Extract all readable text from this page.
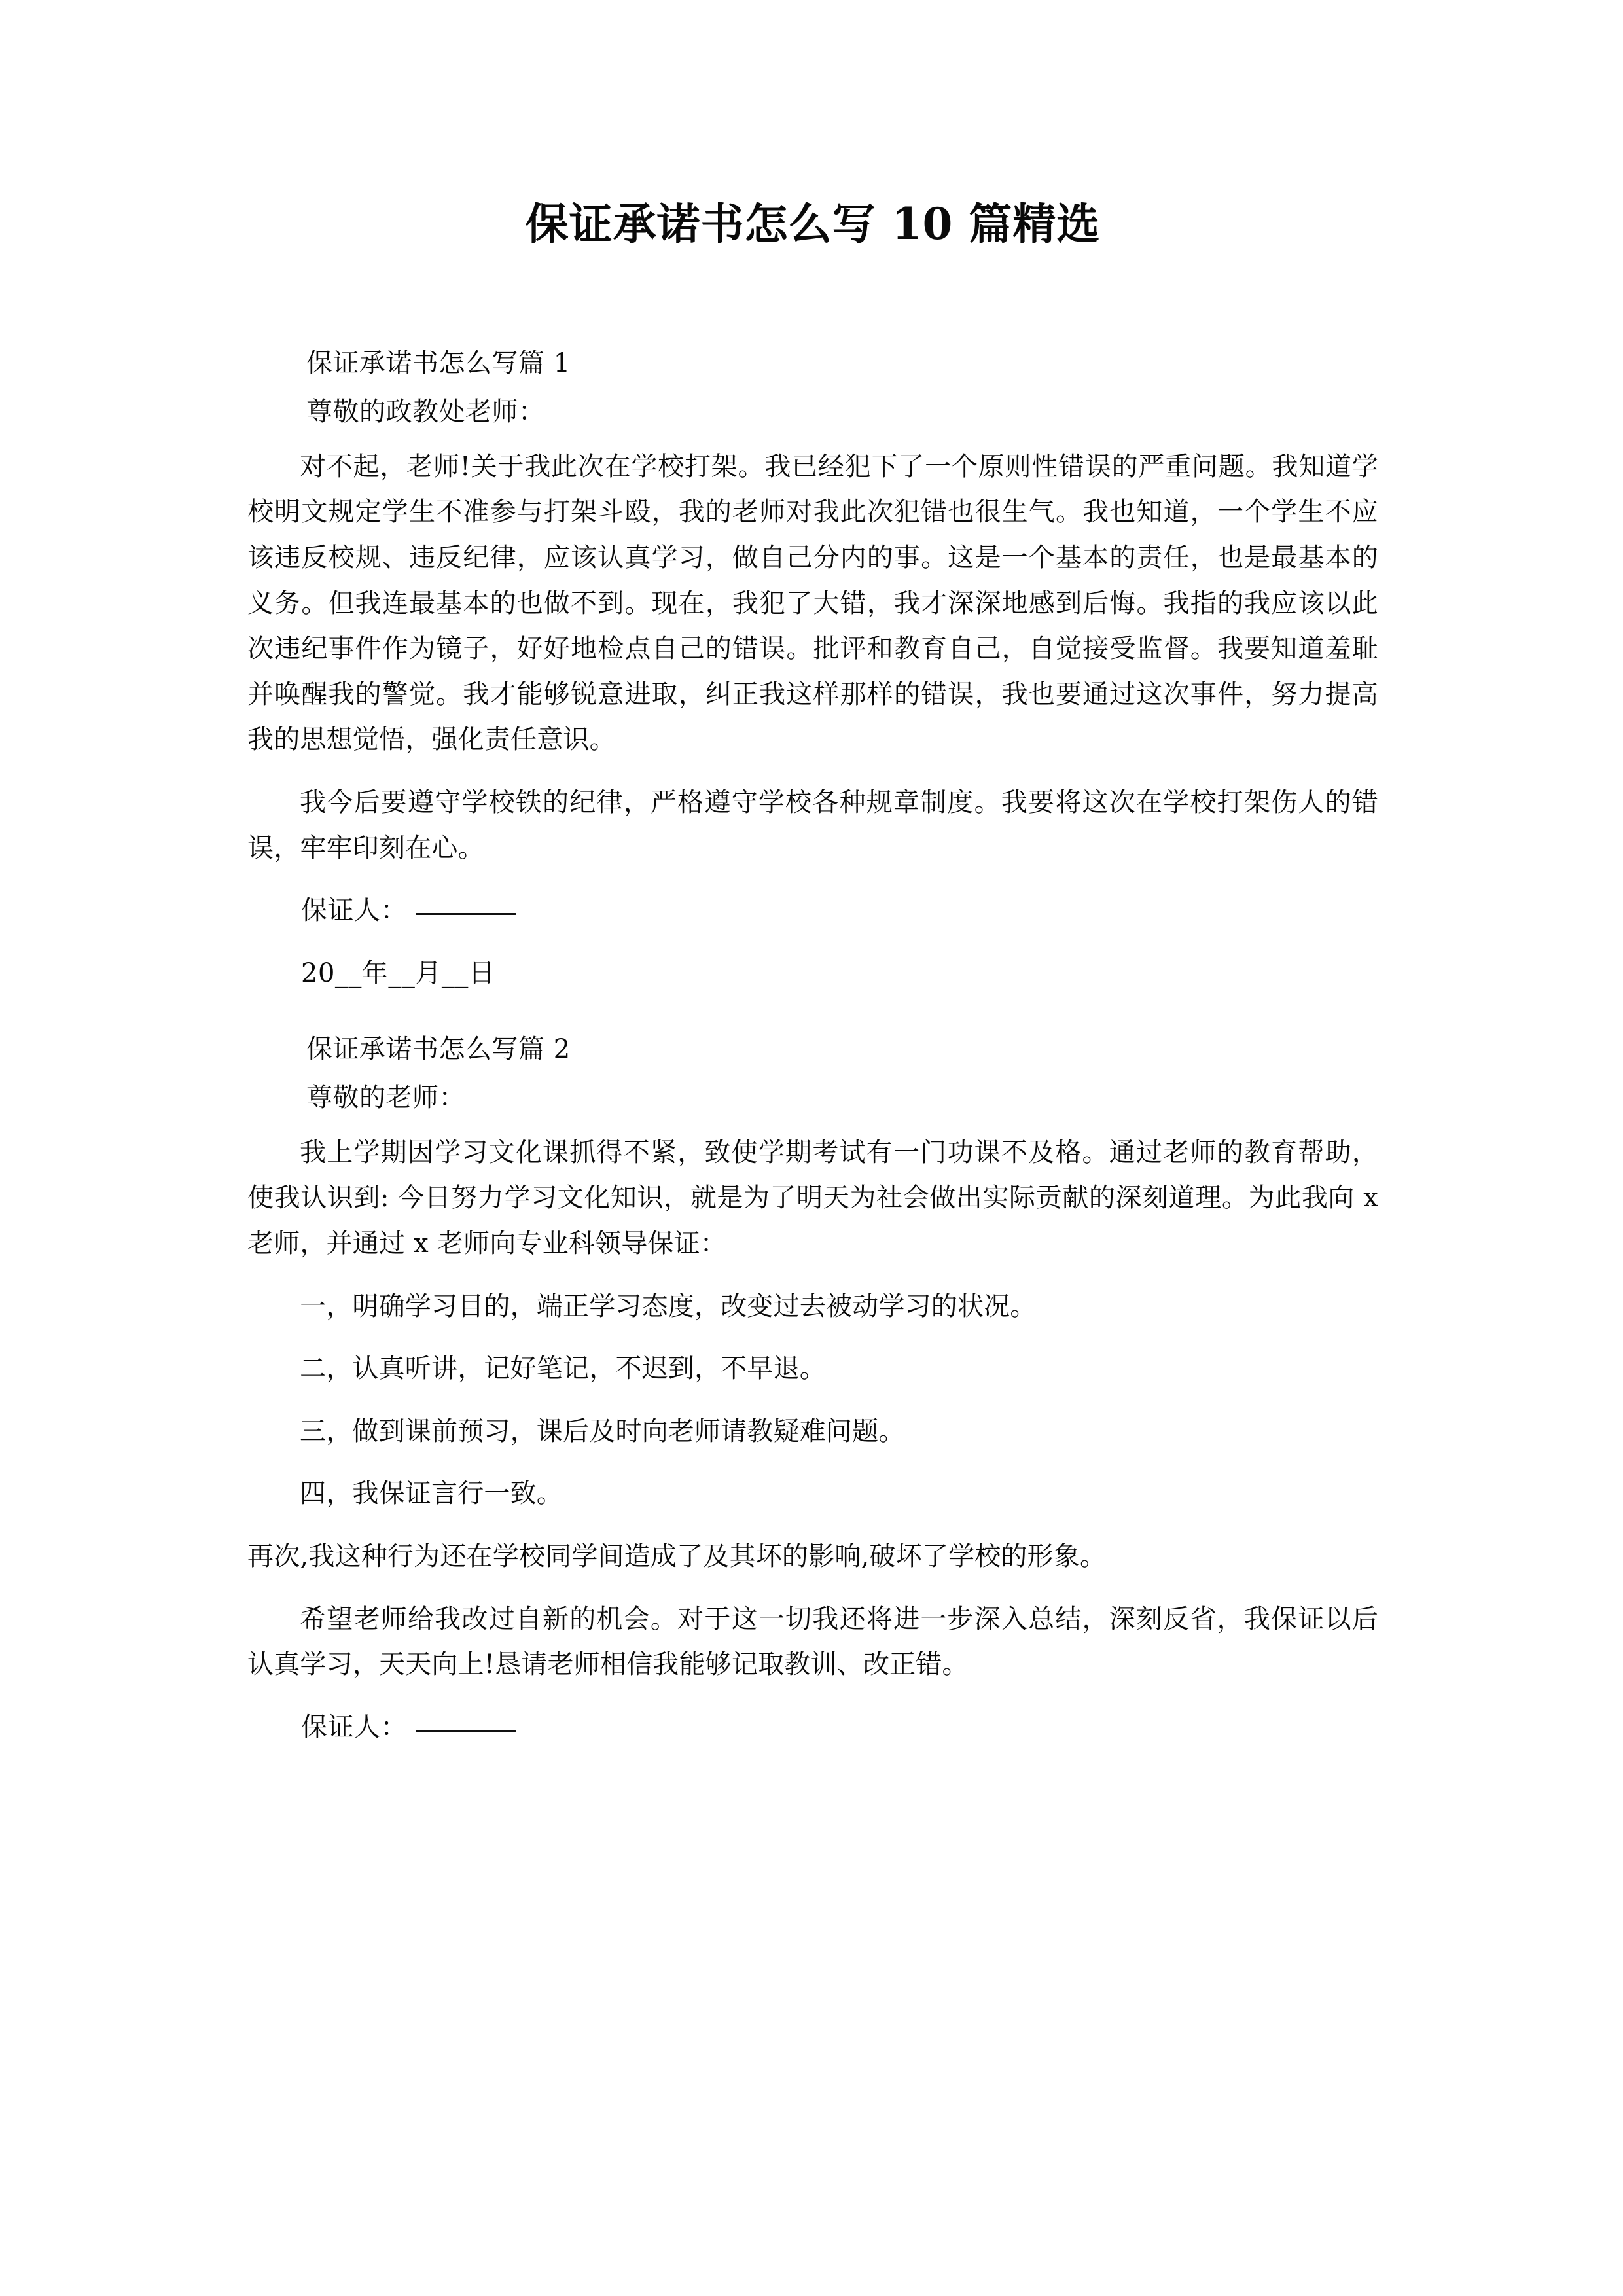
保证承诺书怎么写 10 篇精选
保证承诺书怎么写篇 1
尊敬的政教处老师：

对不起，老师!关于我此次在学校打架。我已经犯下了一个原则性错误的严重问题。我知道学校明文规定学生不准参与打架斗殴，我的老师对我此次犯错也很生气。我也知道，一个学生不应该违反校规、违反纪律，应该认真学习，做自己分内的事。这是一个基本的责任，也是最基本的义务。但我连最基本的也做不到。现在，我犯了大错，我才深深地感到后悔。我指的我应该以此次违纪事件作为镜子，好好地检点自己的错误。批评和教育自己，自觉接受监督。我要知道羞耻并唤醒我的警觉。我才能够锐意进取，纠正我这样那样的错误，我也要通过这次事件，努力提高我的思想觉悟，强化责任意识。

我今后要遵守学校铁的纪律，严格遵守学校各种规章制度。我要将这次在学校打架伤人的错误，牢牢印刻在心。

保证人：
20__年__月__日
保证承诺书怎么写篇 2
尊敬的老师：

我上学期因学习文化课抓得不紧，致使学期考试有一门功课不及格。通过老师的教育帮助，使我认识到: 今日努力学习文化知识，就是为了明天为社会做出实际贡献的深刻道理。为此我向 x 老师，并通过 x 老师向专业科领导保证：

一，明确学习目的，端正学习态度，改变过去被动学习的状况。
二，认真听讲，记好笔记，不迟到，不早退。
三，做到课前预习，课后及时向老师请教疑难问题。
四，我保证言行一致。

再次,我这种行为还在学校同学间造成了及其坏的影响,破坏了学校的形象。

希望老师给我改过自新的机会。对于这一切我还将进一步深入总结，深刻反省，我保证以后认真学习，天天向上!恳请老师相信我能够记取教训、改正错。

保证人：
